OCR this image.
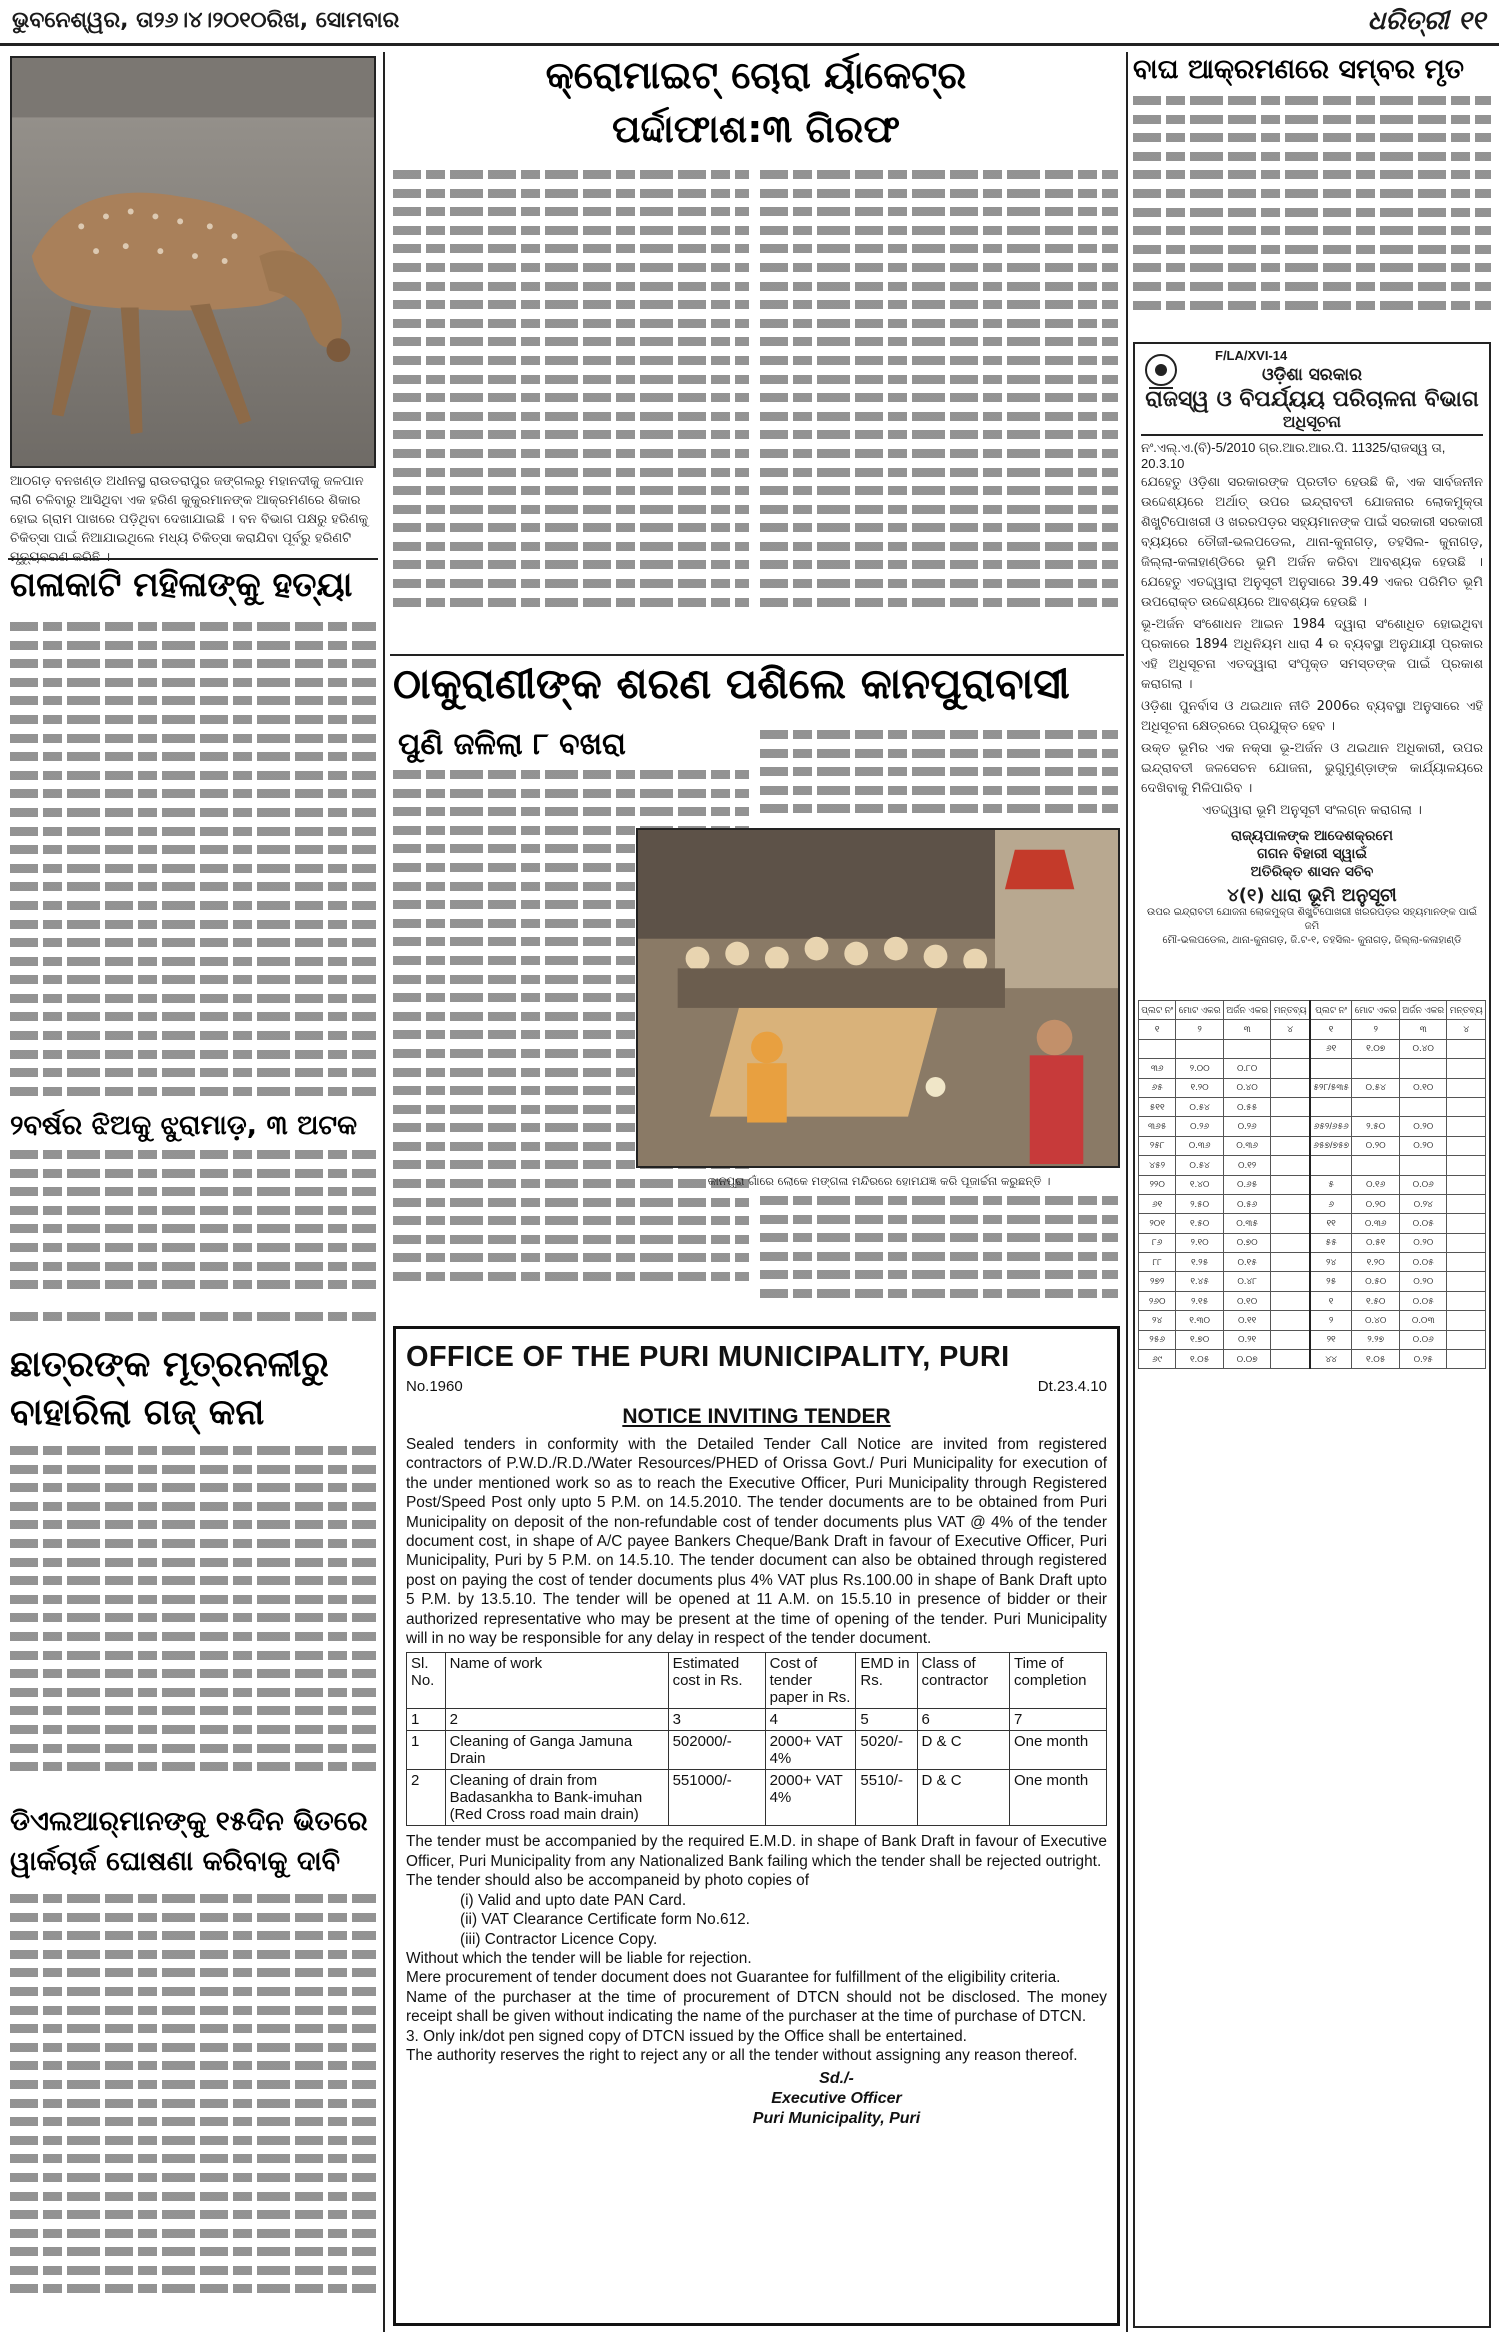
ଭୁବନେଶ୍ୱର, ତା୨୬।୪।୨୦୧୦ରିଖ, ସୋମବାର	ଧରିତ୍ରୀ ୧୧
ଆଠଗଡ଼ ବନଖଣ୍ଡ ଅଧୀନସ୍ଥ ରାଉତରାପୁର ଜଙ୍ଗଲରୁ ମହାନଦୀକୁ ଜଳପାନ ଲାଗି ଚଳିବାରୁ ଆସିଥିବା ଏକ ହରିଣ କୁକୁରମାନଙ୍କ ଆକ୍ରମଣରେ ଶିକାର ହୋଇ ଗ୍ରାମ ପାଖରେ ପଡ଼ିଥିବା ଦେଖାଯାଇଛି । ବନ ବିଭାଗ ପକ୍ଷରୁ ହରିଣକୁ ଚିକିତ୍ସା ପାଇଁ ନିଆଯାଇଥିଲେ ମଧ୍ୟ ଚିକିତ୍ସା କରାଯିବା ପୂର୍ବରୁ ହରିଣଟି
ଗଳାକାଟି ମହିଳାଙ୍କୁ ହତ୍ୟା
୨ବର୍ଷର ଝିଅକୁ ଝୁରାମାଡ଼, ୩ ଅଟକ
ଛାତ୍ରଙ୍କ ମୂତ୍ରନଳୀରୁ
ବାହାରିଲା ଗଜ୍ କନା
ଡିଏଲଆର୍‌ମାନଙ୍କୁ ୧୫ଦିନ ଭିତରେ
ୱାର୍କଚାର୍ଜ ଘୋଷଣା କରିବାକୁ ଦାବି
କ୍ରୋମାଇଟ୍ ଚୋରା ର୍ୟାକେଟ୍‌ର
ପର୍ଦ୍ଦାଫାଶ:୩ ଗିରଫ
ଠାକୁରାଣୀଙ୍କ ଶରଣ ପଶିଲେ କାନପୁରାବାସୀ
ପୁଣି ଜଳିଲା ୮ ବଖରା
କାନପୁରା ଗାଁରେ ଲୋକେ ମଙ୍ଗଳା ମନ୍ଦିରରେ ହୋମଯଜ୍ଞ କରି ପୂଜାର୍ଚ୍ଚନା କରୁଛନ୍ତି ।
ବାଘ ଆକ୍ରମଣରେ ସମ୍ବର ମୃତ
OFFICE OF THE PURI MUNICIPALITY, PURI
No.1960	Dt.23.4.10
NOTICE INVITING TENDER

Sealed tenders in conformity with the Detailed Tender Call Notice are invited from registered contractors of P.W.D./R.D./Water Resources/PHED of Orissa Govt./ Puri Municipality for execution of the under mentioned work so as to reach the Executive Officer, Puri Municipality through Registered Post/Speed Post only upto 5 P.M. on 14.5.2010. The tender documents are to be obtained from Puri Municipality on deposit of the non-refundable cost of tender documents plus VAT @ 4% of the tender document cost, in shape of A/C payee Bankers Cheque/Bank Draft in favour of Executive Officer, Puri Municipality, Puri by 5 P.M. on 14.5.10. The tender document can also be obtained through registered post on paying the cost of tender documents plus 4% VAT plus Rs.100.00 in shape of Bank Draft upto 5 P.M. by 13.5.10. The tender will be opened at 11 A.M. on 15.5.10 in presence of bidder or their authorized representative who may be present at the time of opening of the tender. Puri Municipality will in no way be responsible for any delay in respect of the tender document.

Sl. No.	Name of work	Estimated cost in Rs.	Cost of tender paper in Rs.	EMD in Rs.	Class of contractor	Time of completion
1	2	3	4	5	6	7
1	Cleaning of Ganga Jamuna Drain	502000/-	2000+ VAT 4%	5020/-	D & C	One month
2	Cleaning of drain from Badasankha to Bank-imuhan (Red Cross road main drain)	551000/-	2000+ VAT 4%	5510/-	D & C	One month

The tender must be accompanied by the required E.M.D. in shape of Bank Draft in favour of Executive Officer, Puri Municipality from any Nationalized Bank failing which the tender shall be rejected outright.

The tender should also be accompaneid by photo copies of

(i) Valid and upto date PAN Card.

(ii) VAT Clearance Certificate form No.612.

(iii) Contractor Licence Copy.

Without which the tender will be liable for rejection.

Mere procurement of tender document does not Guarantee for fulfillment of the eligibility criteria.

Name of the purchaser at the time of procurement of DTCN should not be disclosed. The money receipt shall be given without indicating the name of the purchaser at the time of purchase of DTCN.

3. Only ink/dot pen signed copy of DTCN issued by the Office shall be entertained.

The authority reserves the right to reject any or all the tender without assigning any reason thereof.

Sd./-
Executive Officer
Puri Municipality, Puri
F/LA/XVI-14
ଓଡ଼ିଶା ସରକାର
ରାଜସ୍ୱ ଓ ବିପର୍ଯ୍ୟୟ ପରିଚାଳନା ବିଭାଗ
ଅଧିସୂଚନା
ନଂ.ଏଲ୍.ଏ.(ବି)-5/2010 ଗ୍ର.ଆର.ଆର.ପି. 11325/ରାଜସ୍ୱ ତା, 20.3.10
ଯେହେତୁ ଓଡ଼ିଶା ସରକାରଙ୍କ ପ୍ରତୀତ ହେଉଛି କି, ଏକ ସାର୍ବଜନୀନ ଉଦ୍ଦେଶ୍ୟରେ ଅର୍ଥାତ୍ ଉପର ଇନ୍ଦ୍ରାବତୀ ଯୋଜନାର ଲୋକମୁକ୍ତା ଶିଖ୍ଣ୍ଟିପୋଖରୀ ଓ ଖରରପଡ଼ର ସହ୍ୟମାନଙ୍କ ପାଇଁ ସରକାରୀ ସରକାରୀ ବ୍ୟୟରେ ତୌଜୀ-ଭଲପଡେଲ, ଥାନା-କୁନାଗଡ଼, ତହସିଲ- କୁନାଗଡ଼, ଜିଲ୍ଲା-କଳାହାଣ୍ଡିରେ ଭୂମି ଅର୍ଜନ କରିବା ଆବଶ୍ୟକ ହେଉଛି । ଯେହେତୁ ଏତଦ୍ଦ୍ୱାରା ଅନୁସୂଚୀ ଅନୁସାରେ 39.49 ଏକର ପରିମିତ ଭୂମି ଉପରୋକ୍ତ ଉଦ୍ଦେଶ୍ୟରେ ଆବଶ୍ୟକ ହେଉଛି ।
ଭୂ-ଅର୍ଜନ ସଂଶୋଧନ ଆଇନ 1984 ଦ୍ୱାରା ସଂଶୋଧିତ ହୋଇଥିବା ପ୍ରକାରେ 1894 ଅଧିନିୟମ ଧାରା 4 ର ବ୍ୟବସ୍ଥା ଅନୁଯାୟୀ ପ୍ରକାର ଏହି ଅଧିସୂଚନା ଏତଦ୍ୱାରା ସଂପୃକ୍ତ ସମସ୍ତଙ୍କ ପାଇଁ ପ୍ରକାଶ କରାଗଲା ।
ଓଡ଼ିଶା ପୁନର୍ବାସ ଓ ଥଇଥାନ ନୀତି 2006ର ବ୍ୟବସ୍ଥା ଅନୁସାରେ ଏହି ଅଧିସୂଚନା କ୍ଷେତ୍ରରେ ପ୍ରଯୁକ୍ତ ହେବ ।
ଉକ୍ତ ଭୂମିର ଏକ ନକ୍ସା ଭୂ-ଅର୍ଜନ ଓ ଥଇଥାନ ଅଧିକାରୀ, ଉପର ଇନ୍ଦ୍ରାବତୀ ଜଳସେଚନ ଯୋଜନା, ଭୁଗୁମୁଣ୍ଡ଼ାଙ୍କ କାର୍ଯ୍ୟାଳୟରେ ଦେଖିବାକୁ ମିଳିପାରିବ ।
ଏତଦ୍ଦ୍ୱାରା ଭୂମି ଅନୁସୂଚୀ ସଂଲଗ୍ନ କରାଗଲା ।
ରାଜ୍ୟପାଳଙ୍କ ଆଦେଶକ୍ରମେ
ଗଗନ ବିହାରୀ ସ୍ୱାଇଁ
ଅତିରିକ୍ତ ଶାସନ ସଚିବ
୪(୧) ଧାରା ଭୂମି ଅନୁସୂଚୀ
ଉପର ଇନ୍ଦ୍ରାବତୀ ଯୋଜନା ଲୋକମୁକ୍ତା ଶିଖ୍ଣ୍ଟିପୋଖରୀ ଖରରପଡ଼ର ସହ୍ୟମାନଙ୍କ ପାଇଁ ଜମି
ମୌ-ଭଲପଡେଲ, ଥାନା-କୁନାଗଡ଼, ଜି.ଟ-୧, ତହସିଲ- କୁନାଗଡ଼, ଜିଲ୍ଲା-କଳାହାଣ୍ଡି
ପ୍ଲଟ ନଂ	ମୋଟ ଏକର	ଅର୍ଜନ ଏକର	ମନ୍ତବ୍ୟ	ପ୍ଲଟ ନଂ	ମୋଟ ଏକର	ଅର୍ଜନ ଏକର	ମନ୍ତବ୍ୟ
୧	୨	୩	୪	୧	୨	୩	୪
				୬୧	୧.୦୭	୦.୪୦	
୩୬	୨.୦୦	୦.୮୦					
୬୫	୧.୨୦	୦.୪୦		୫୨୮/୫୩୫	୦.୫୪	୦.୧୦	
୫୧୧	୦.୫୪	୦.୫୫					
୩୬୫	୦.୨୬	୦.୨୬		୬୫୨/୬୫୬	୨.୫୦	୦.୨୦	
୨୫୮	୦.୩୬	୦.୩୬		୬୫୭/୭୫୭	୦.୨୦	୦.୨୦	
୪୫୨	୦.୫୪	୦.୧୨					
୨୨୦	୧.୪୦	୦.୬୫		୫	୦.୧୬	୦.୦୬	
୬୧	୨.୫୦	୦.୫୬		୬	୦.୨୦	୦.୨୪	
୨୦୧	୧.୫୦	୦.୩୫		୧୧	୦.୩୬	୦.୦୫	
୮୬	୨.୧୦	୦.୭୦		୫୫	୦.୫୧	୦.୨୦	
୮୮	୧.୨୫	୦.୧୫		୨୪	୧.୨୦	୦.୦୫	
୨୭୨	୧.୪୫	୦.୪୮		୨୫	୦.୫୦	୦.୨୦	
୨୬୦	୨.୧୫	୦.୧୦		୧	୧.୫୦	୦.୦୫	
୨୪	୧.୩୦	୦.୧୧		୨	୦.୪୦	୦.୦୩	
୨୫୬	୧.୭୦	୦.୨୧		୨୧	୨.୨୭	୦.୦୬	
୬୯	୧.୦୫	୦.୦୭		୪୪	୧.୦୫	୦.୨୫	
